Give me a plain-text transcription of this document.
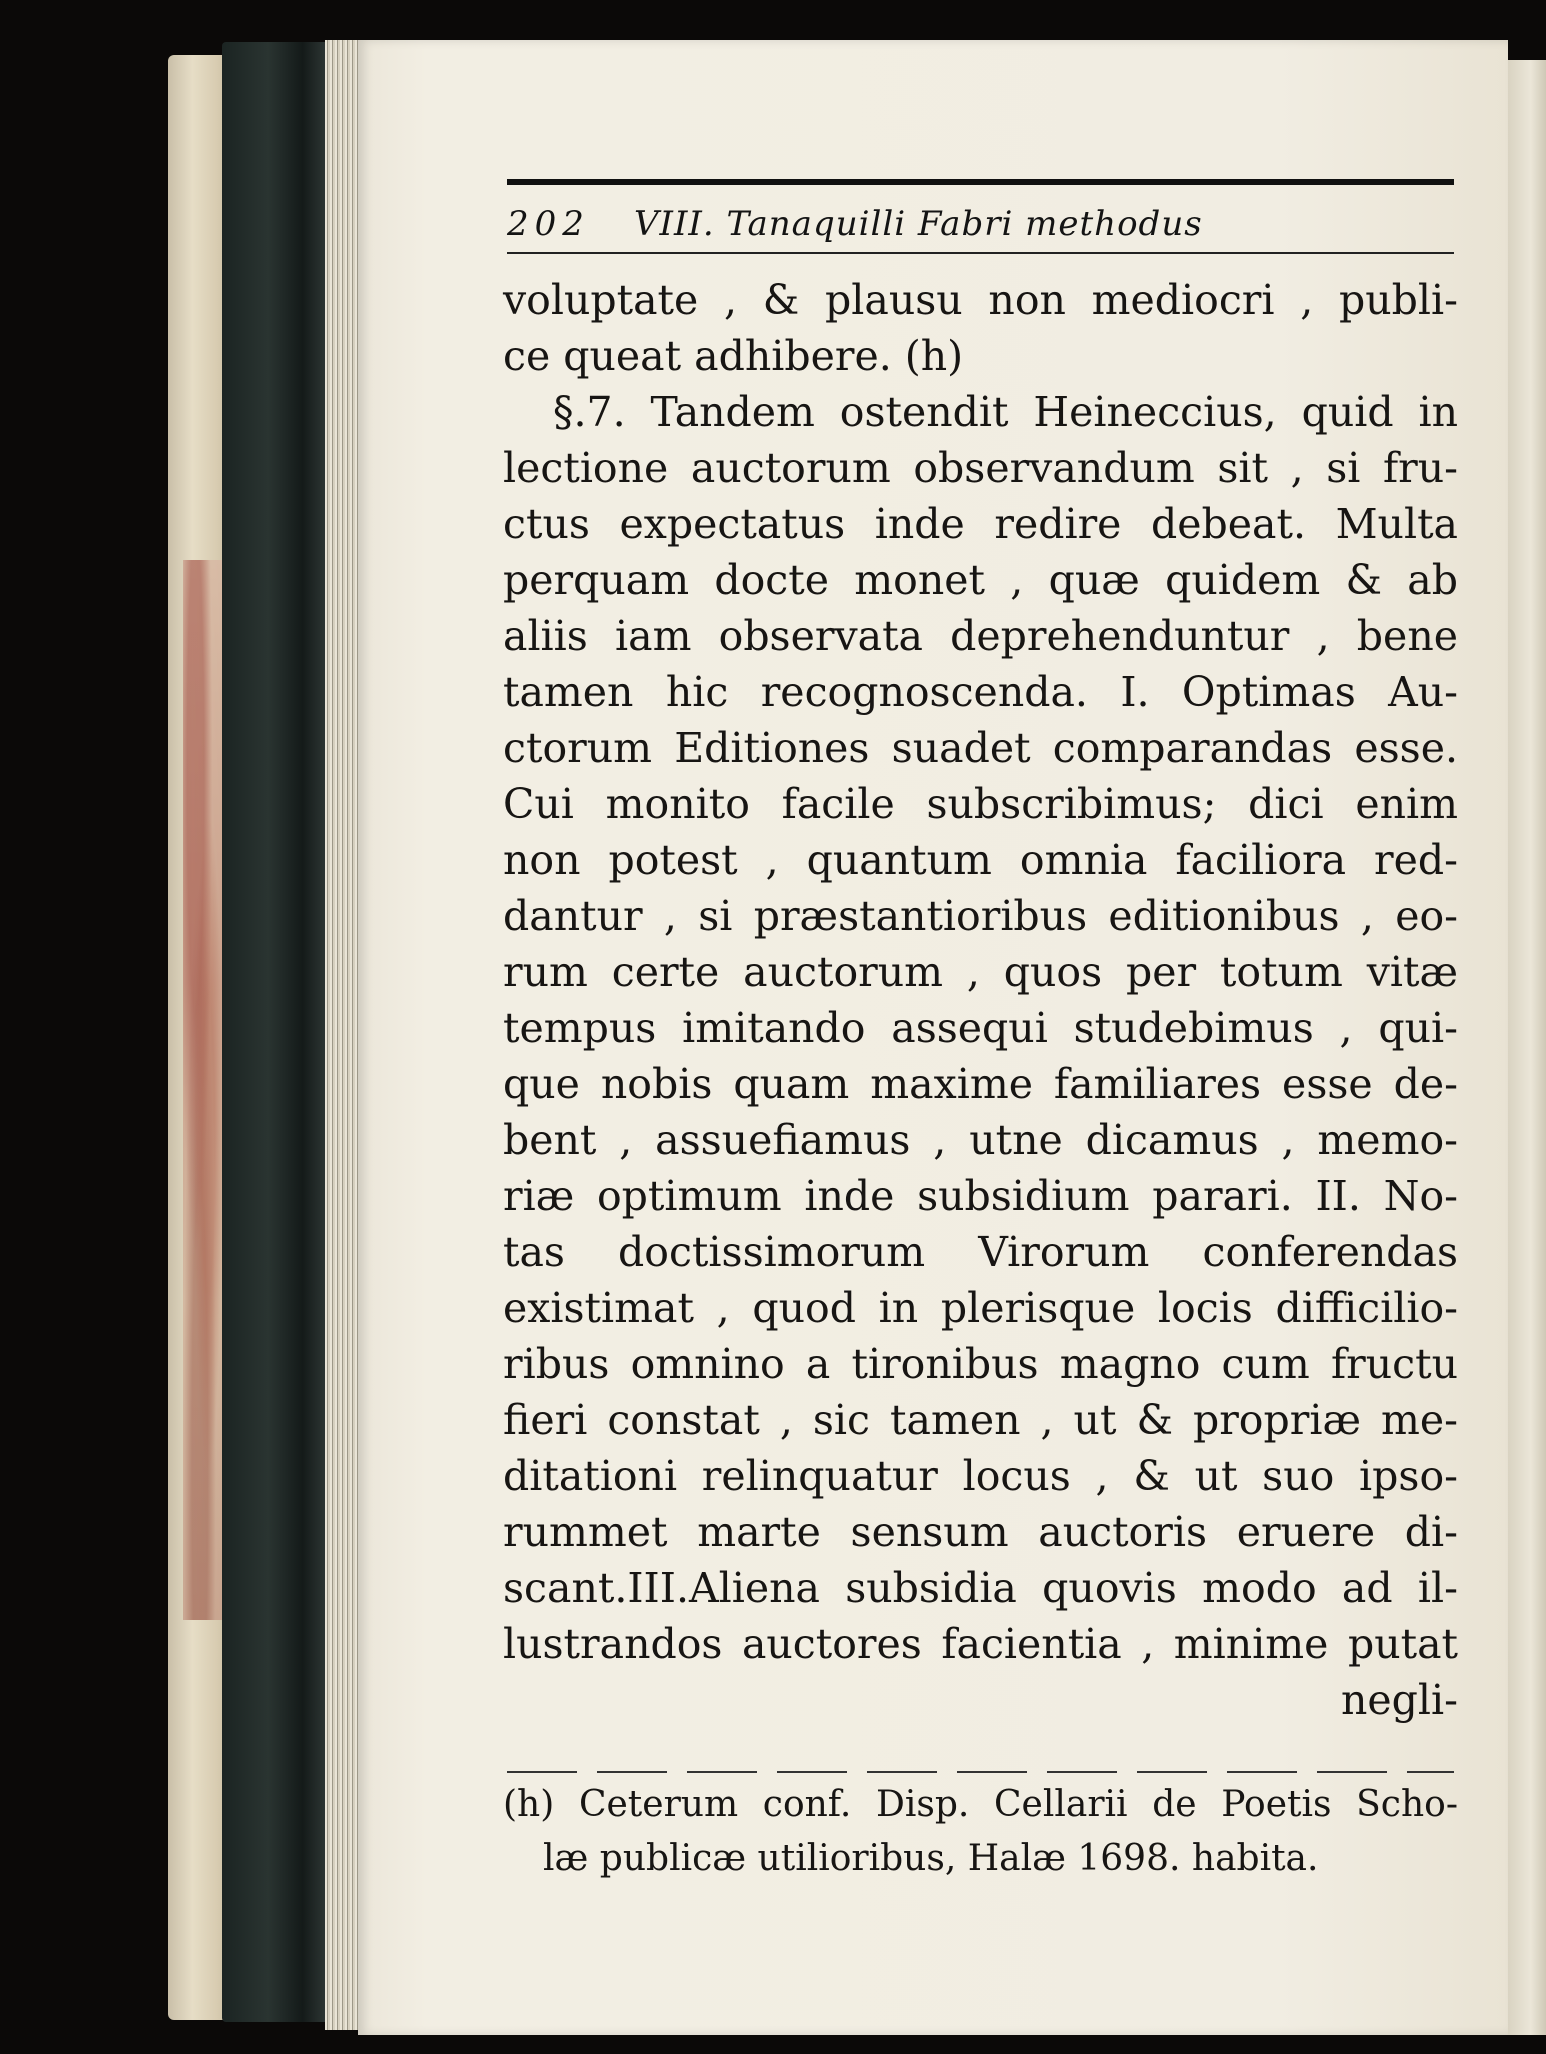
202 VIII. Tanaquilli Fabri methodus
voluptate , & plausu non mediocri , publi-
ce queat adhibere. (h)
§.7. Tandem ostendit Heineccius, quid in
lectione auctorum observandum sit , si fru-
ctus expectatus inde redire debeat. Multa
perquam docte monet , quæ quidem & ab
aliis iam observata deprehenduntur , bene
tamen hic recognoscenda. I. Optimas Au-
ctorum Editiones suadet comparandas esse.
Cui monito facile subscribimus; dici enim
non potest , quantum omnia faciliora red-
dantur , si præstantioribus editionibus , eo-
rum certe auctorum , quos per totum vitæ
tempus imitando assequi studebimus , qui-
que nobis quam maxime familiares esse de-
bent , assuefiamus , utne dicamus , memo-
riæ optimum inde subsidium parari. II. No-
tas doctissimorum Virorum conferendas
existimat , quod in plerisque locis difficilio-
ribus omnino a tironibus magno cum fructu
fieri constat , sic tamen , ut & propriæ me-
ditationi relinquatur locus , & ut suo ipso-
rummet marte sensum auctoris eruere di-
scant.III.Aliena subsidia quovis modo ad il-
lustrandos auctores facientia , minime putat
negli-
(h) Ceterum conf. Disp. Cellarii de Poetis Scho-
læ publicæ utilioribus, Halæ 1698. habita.
